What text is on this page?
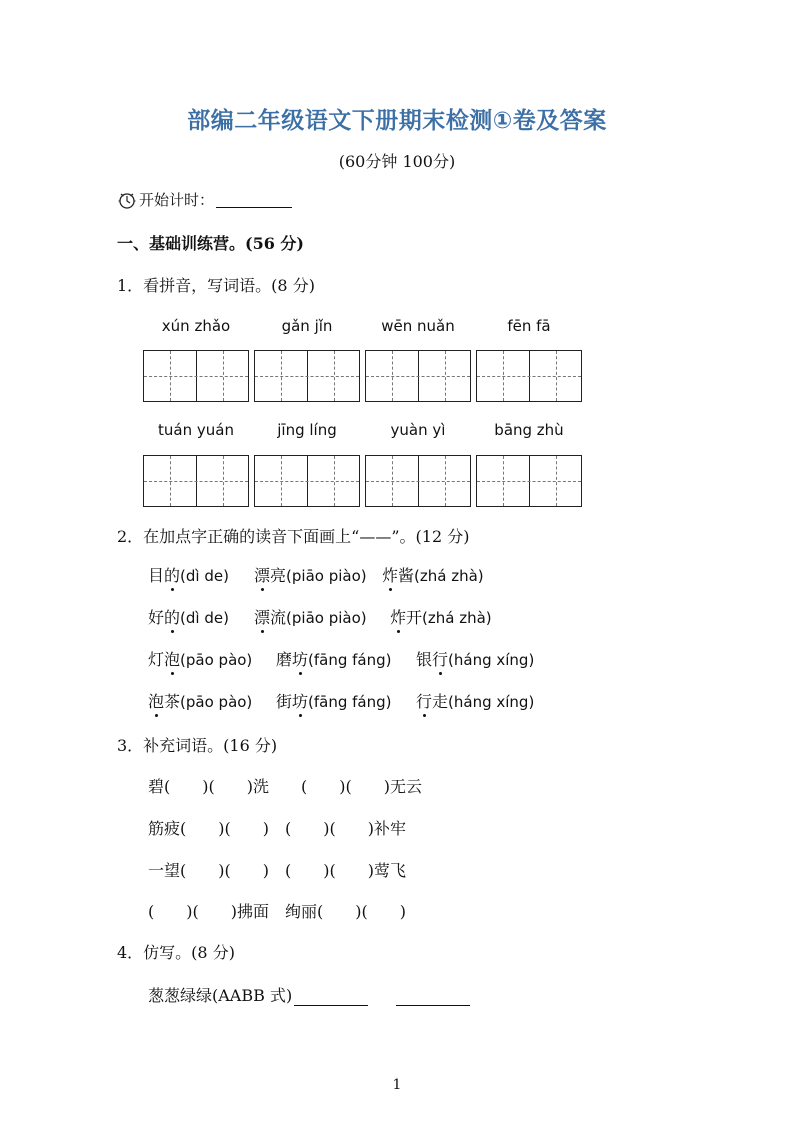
部编二年级语文下册期末检测①卷及答案
(60分钟 100分)
开始计时：
一、基础训练营。(56 分)
1．看拼音，写词语。(8 分)
xún zhǎo	gǎn jǐn	wēn nuǎn	fēn fā
tuán yuán	jīng líng	yuàn yì	bāng zhù
2．在加点字正确的读音下面画上“——”。(12 分)
目的(dì de) 漂亮(piāo piào) 炸酱(zhá zhà)
好的(dì de) 漂流(piāo piào) 炸开(zhá zhà)
灯泡(pāo pào) 磨坊(fāng fáng) 银行(háng xíng)
泡茶(pāo pào) 街坊(fāng fáng) 行走(háng xíng)
3．补充词语。(16 分)
碧(　　)(　　)洗　　(　　)(　　)无云
筋疲(　　)(　　)　(　　)(　　)补牢
一望(　　)(　　)　(　　)(　　)莺飞
(　　)(　　)拂面　绚丽(　　)(　　)
4．仿写。(8 分)
葱葱绿绿(AABB 式)
1
